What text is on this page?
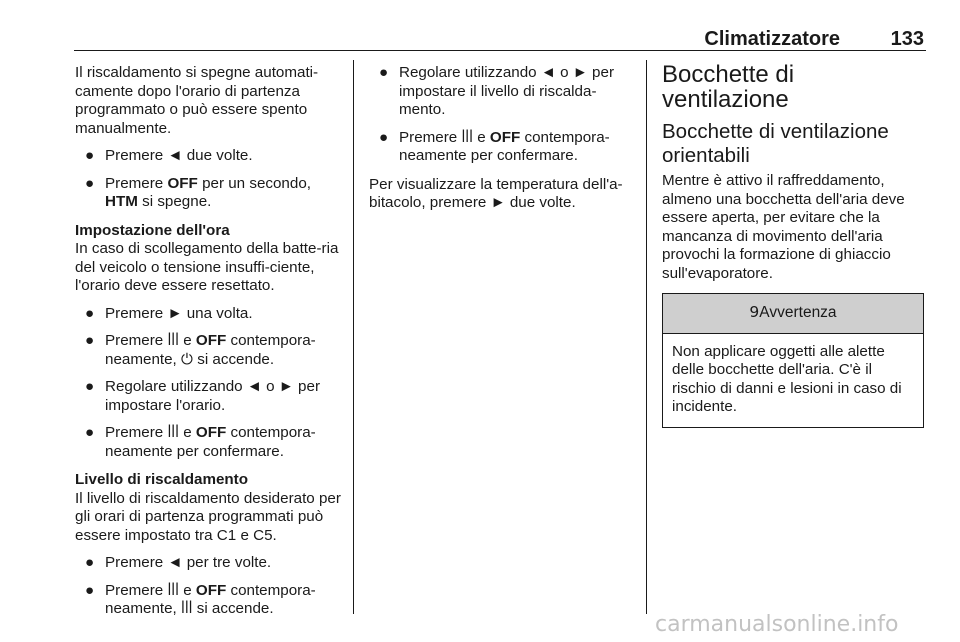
Climatizzatore	133

Il riscaldamento si spegne automati-camente dopo l'orario di partenza programmato o può essere spento manualmente.

● Premere ◄ due volte.
● Premere OFF per un secondo,
HTM si spegne.

Impostazione dell'ora

In caso di scollegamento della batte-ria del veicolo o tensione insuffi-ciente, l'orario deve essere resettato.

● Premere ► una volta.
● Premere ꟾꟾꟾ e OFF contempora-neamente, ⏻ si accende.
● Regolare utilizzando ◄ o ► per impostare l'orario.
● Premere ꟾꟾꟾ e OFF contempora-neamente per confermare.

Livello di riscaldamento

Il livello di riscaldamento desiderato per gli orari di partenza programmati può essere impostato tra C1 e C5.

● Premere ◄ per tre volte.
● Premere ꟾꟾꟾ e OFF contempora-neamente, ꟾꟾꟾ si accende.
● Regolare utilizzando ◄ o ► per impostare il livello di riscalda-mento.
● Premere ꟾꟾꟾ e OFF contempora-neamente per confermare.

Per visualizzare la temperatura dell'a-bitacolo, premere ► due volte.

Bocchette di ventilazione
Bocchette di ventilazione orientabili

Mentre è attivo il raffreddamento, almeno una bocchetta dell'aria deve essere aperta, per evitare che la mancanza di movimento dell'aria provochi la formazione di ghiaccio sull'evaporatore.

9Avvertenza
Non applicare oggetti alle alette delle bocchette dell'aria. C'è il rischio di danni e lesioni in caso di incidente.
carmanualsonline.info
